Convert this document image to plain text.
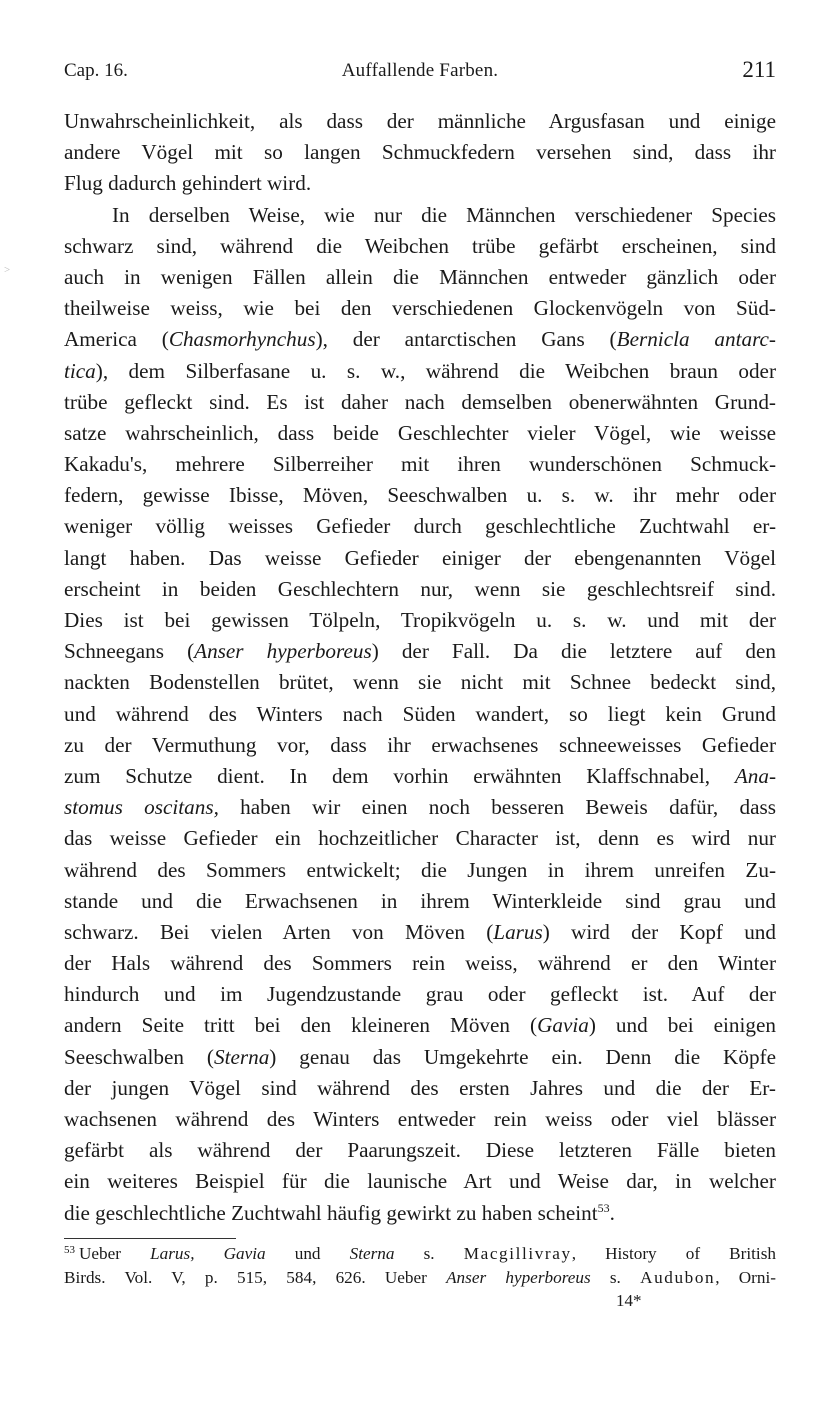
Cap. 16.	Auffallende Farben.	211
˃
Unwahrscheinlichkeit, als dass der männliche Argusfasan und einige
andere Vögel mit so langen Schmuckfedern versehen sind, dass ihr
Flug dadurch gehindert wird.
In derselben Weise, wie nur die Männchen verschiedener Species
schwarz sind, während die Weibchen trübe gefärbt erscheinen, sind
auch in wenigen Fällen allein die Männchen entweder gänzlich oder
theilweise weiss, wie bei den verschiedenen Glockenvögeln von Süd-
America (Chasmorhynchus), der antarctischen Gans (Bernicla antarc-
tica), dem Silberfasane u. s. w., während die Weibchen braun oder
trübe gefleckt sind. Es ist daher nach demselben obenerwähnten Grund-
satze wahrscheinlich, dass beide Geschlechter vieler Vögel, wie weisse
Kakadu's, mehrere Silberreiher mit ihren wunderschönen Schmuck-
federn, gewisse Ibisse, Möven, Seeschwalben u. s. w. ihr mehr oder
weniger völlig weisses Gefieder durch geschlechtliche Zuchtwahl er-
langt haben. Das weisse Gefieder einiger der ebengenannten Vögel
erscheint in beiden Geschlechtern nur, wenn sie geschlechtsreif sind.
Dies ist bei gewissen Tölpeln, Tropikvögeln u. s. w. und mit der
Schneegans (Anser hyperboreus) der Fall. Da die letztere auf den
nackten Bodenstellen brütet, wenn sie nicht mit Schnee bedeckt sind,
und während des Winters nach Süden wandert, so liegt kein Grund
zu der Vermuthung vor, dass ihr erwachsenes schneeweisses Gefieder
zum Schutze dient. In dem vorhin erwähnten Klaffschnabel, Ana-
stomus oscitans, haben wir einen noch besseren Beweis dafür, dass
das weisse Gefieder ein hochzeitlicher Character ist, denn es wird nur
während des Sommers entwickelt; die Jungen in ihrem unreifen Zu-
stande und die Erwachsenen in ihrem Winterkleide sind grau und
schwarz. Bei vielen Arten von Möven (Larus) wird der Kopf und
der Hals während des Sommers rein weiss, während er den Winter
hindurch und im Jugendzustande grau oder gefleckt ist. Auf der
andern Seite tritt bei den kleineren Möven (Gavia) und bei einigen
Seeschwalben (Sterna) genau das Umgekehrte ein. Denn die Köpfe
der jungen Vögel sind während des ersten Jahres und die der Er-
wachsenen während des Winters entweder rein weiss oder viel blässer
gefärbt als während der Paarungszeit. Diese letzteren Fälle bieten
ein weiteres Beispiel für die launische Art und Weise dar, in welcher
die geschlechtliche Zuchtwahl häufig gewirkt zu haben scheint$^{53}$.
$^{53}$ Ueber Larus, Gavia und Sterna s. Macgillivray, History of British
Birds. Vol. V, p. 515, 584, 626. Ueber Anser hyperboreus s. Audubon, Orni-
14*
